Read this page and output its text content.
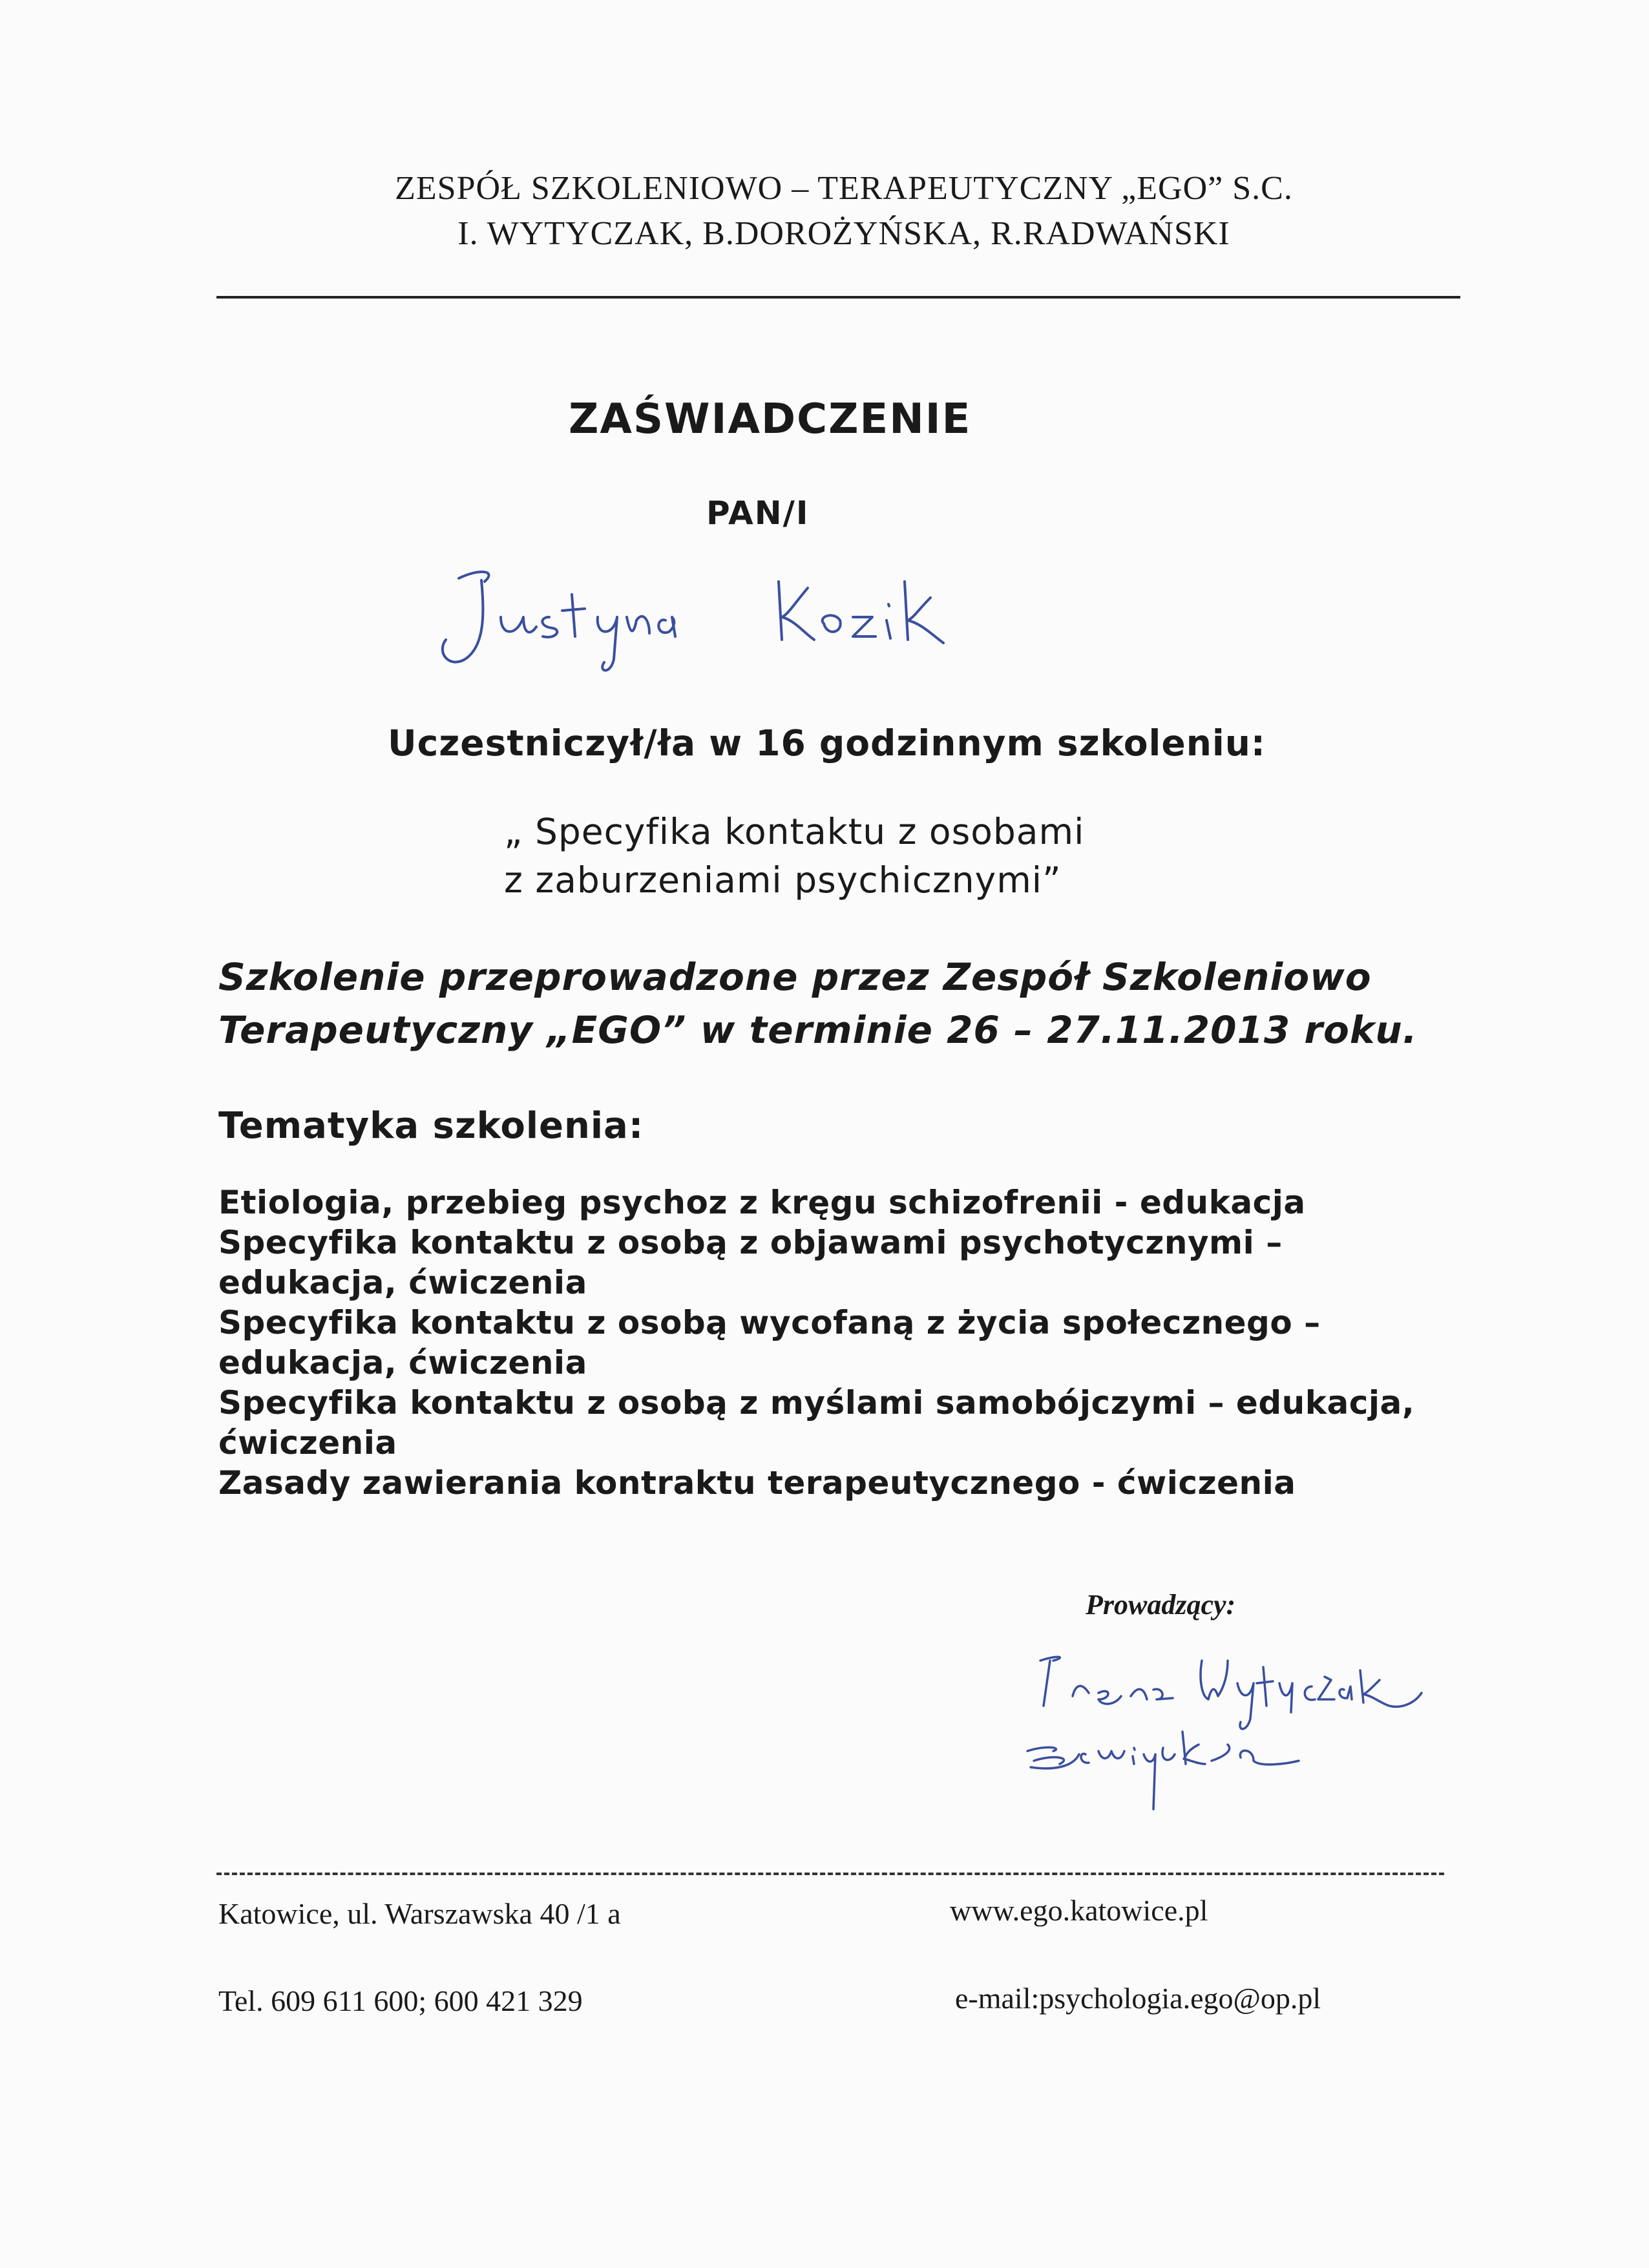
ZESPÓŁ SZKOLENIOWO – TERAPEUTYCZNY „EGO” S.C.
I. WYTYCZAK, B.DOROŻYŃSKA, R.RADWAŃSKI
ZAŚWIADCZENIE
PAN/I
Uczestniczył/ła w 16 godzinnym szkoleniu:
„ Specyfika kontaktu z osobami
z zaburzeniami psychicznymi”
Szkolenie przeprowadzone przez Zespół Szkoleniowo
Terapeutyczny „EGO” w terminie 26 – 27.11.2013 roku.
Tematyka szkolenia:
Etiologia, przebieg psychoz z kręgu schizofrenii - edukacja
Specyfika kontaktu z osobą z objawami psychotycznymi –
edukacja, ćwiczenia
Specyfika kontaktu z osobą wycofaną z życia społecznego –
edukacja, ćwiczenia
Specyfika kontaktu z osobą z myślami samobójczymi – edukacja,
ćwiczenia
Zasady zawierania kontraktu terapeutycznego - ćwiczenia
Prowadzący:
Katowice, ul. Warszawska 40 /1 a	www.ego.katowice.pl
Tel. 609 611 600; 600 421 329	e-mail:psychologia.ego@op.pl
